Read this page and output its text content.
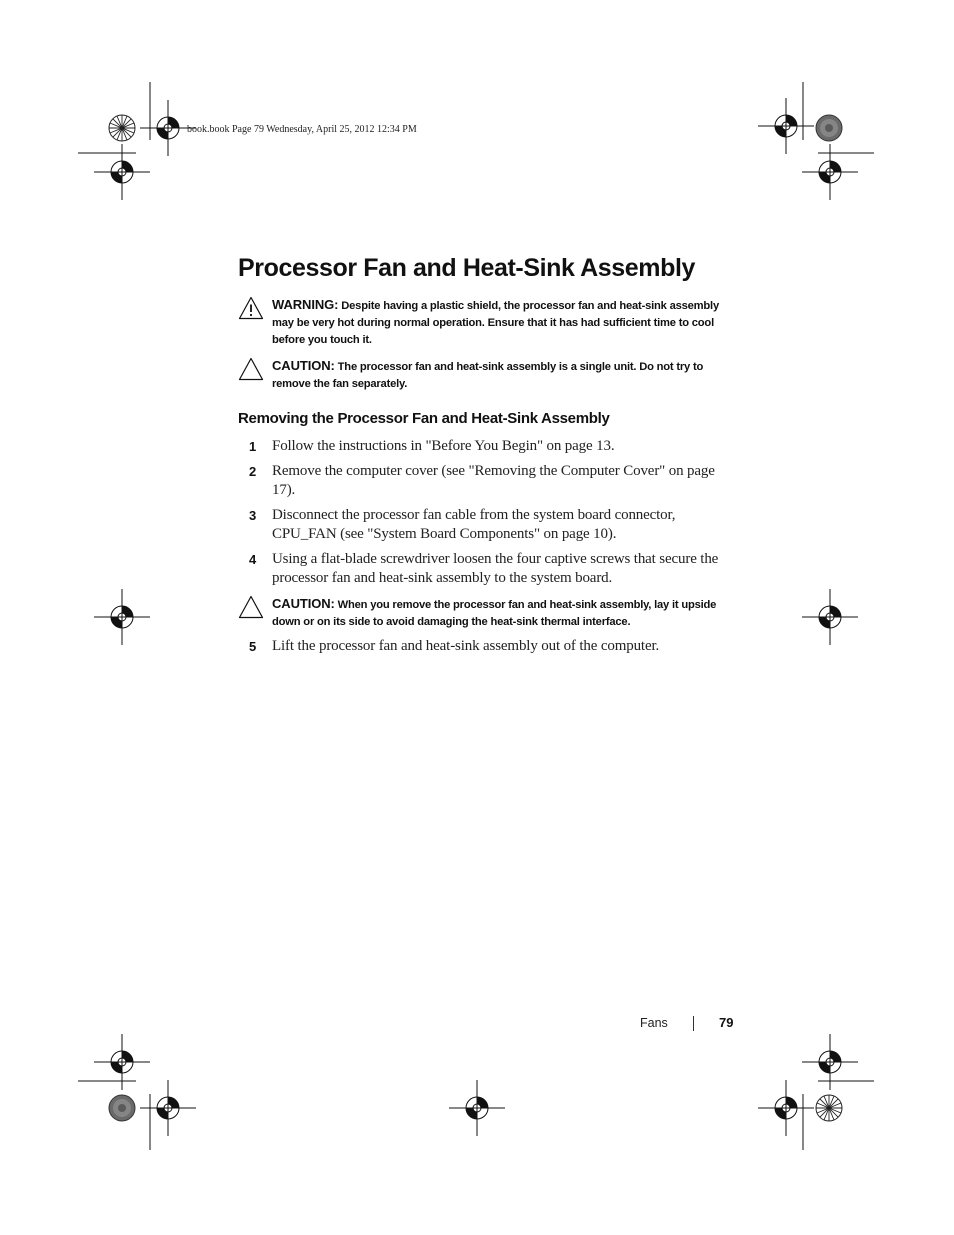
book.book Page 79 Wednesday, April 25, 2012 12:34 PM
Processor Fan and Heat-Sink Assembly
WARNING: Despite having a plastic shield, the processor fan and heat-sink assembly may be very hot during normal operation. Ensure that it has had sufficient time to cool before you touch it.
CAUTION: The processor fan and heat-sink assembly is a single unit. Do not try to remove the fan separately.
Removing the Processor Fan and Heat-Sink Assembly
1 Follow the instructions in "Before You Begin" on page 13.
2 Remove the computer cover (see "Removing the Computer Cover" on page 17).
3 Disconnect the processor fan cable from the system board connector, CPU_FAN (see "System Board Components" on page 10).
4 Using a flat-blade screwdriver loosen the four captive screws that secure the processor fan and heat-sink assembly to the system board.
CAUTION: When you remove the processor fan and heat-sink assembly, lay it upside down or on its side to avoid damaging the heat-sink thermal interface.
5 Lift the processor fan and heat-sink assembly out of the computer.
Fans	79
